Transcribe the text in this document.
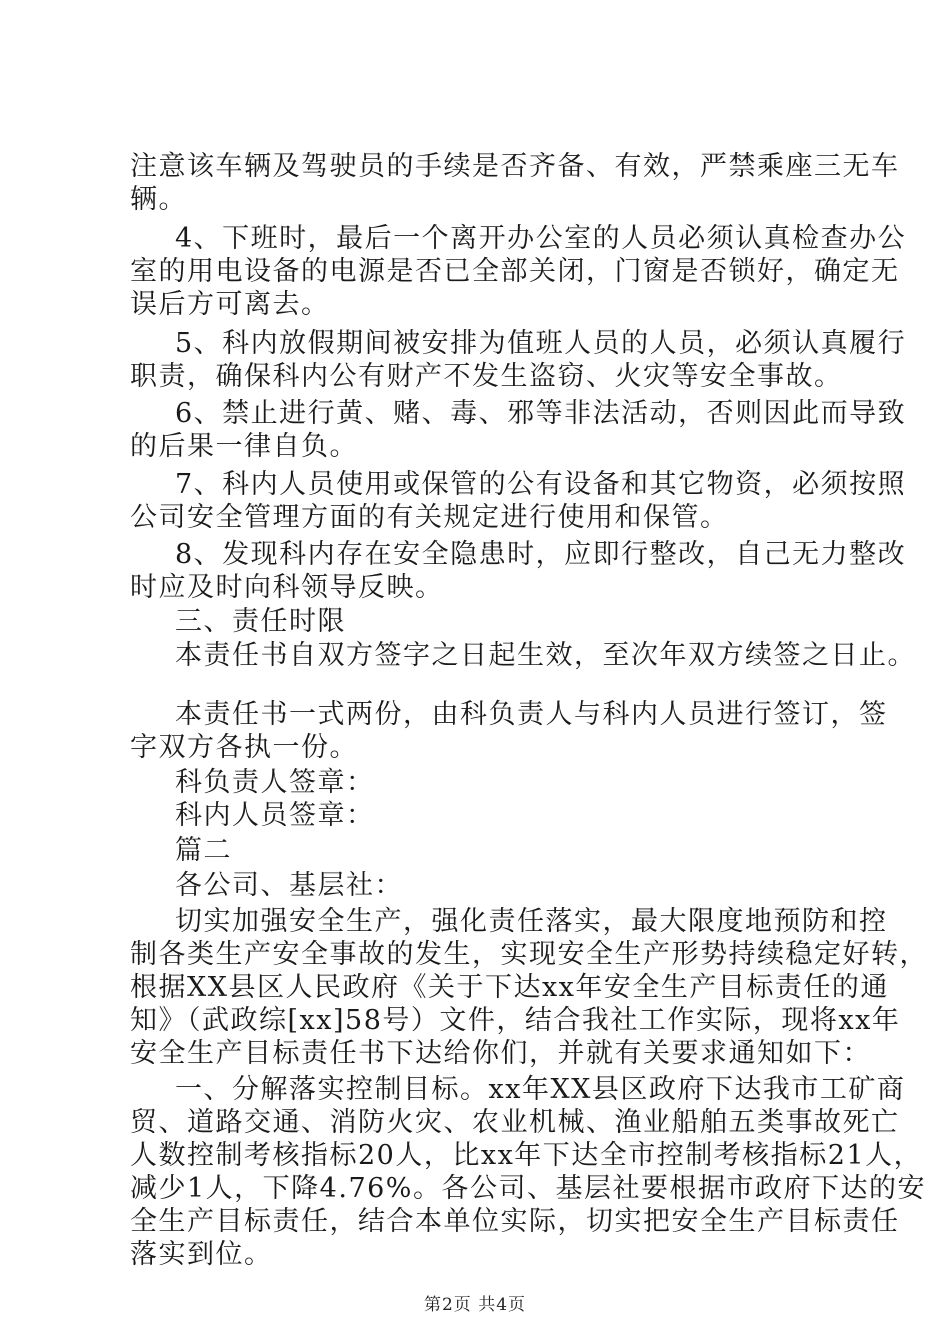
注意该车辆及驾驶员的手续是否齐备、有效，严禁乘座三无车
辆。
4、下班时，最后一个离开办公室的人员必须认真检查办公
室的用电设备的电源是否已全部关闭，门窗是否锁好，确定无
误后方可离去。
5、科内放假期间被安排为值班人员的人员，必须认真履行
职责，确保科内公有财产不发生盗窃、火灾等安全事故。
6、禁止进行黄、赌、毒、邪等非法活动，否则因此而导致
的后果一律自负。
7、科内人员使用或保管的公有设备和其它物资，必须按照
公司安全管理方面的有关规定进行使用和保管。
8、发现科内存在安全隐患时，应即行整改，自己无力整改
时应及时向科领导反映。
三、责任时限
本责任书自双方签字之日起生效，至次年双方续签之日止。
本责任书一式两份，由科负责人与科内人员进行签订，签
字双方各执一份。
科负责人签章：
科内人员签章：
篇二
各公司、基层社：
切实加强安全生产，强化责任落实，最大限度地预防和控
制各类生产安全事故的发生，实现安全生产形势持续稳定好转，
根据XX县区人民政府《关于下达xx年安全生产目标责任的通
知》（武政综[xx]58号）文件，结合我社工作实际，现将xx年
安全生产目标责任书下达给你们，并就有关要求通知如下：
一、分解落实控制目标。xx年XX县区政府下达我市工矿商
贸、道路交通、消防火灾、农业机械、渔业船舶五类事故死亡
人数控制考核指标20人，比xx年下达全市控制考核指标21人，
减少1人，下降4.76%。各公司、基层社要根据市政府下达的安
全生产目标责任，结合本单位实际，切实把安全生产目标责任
落实到位。
第2页 共4页
